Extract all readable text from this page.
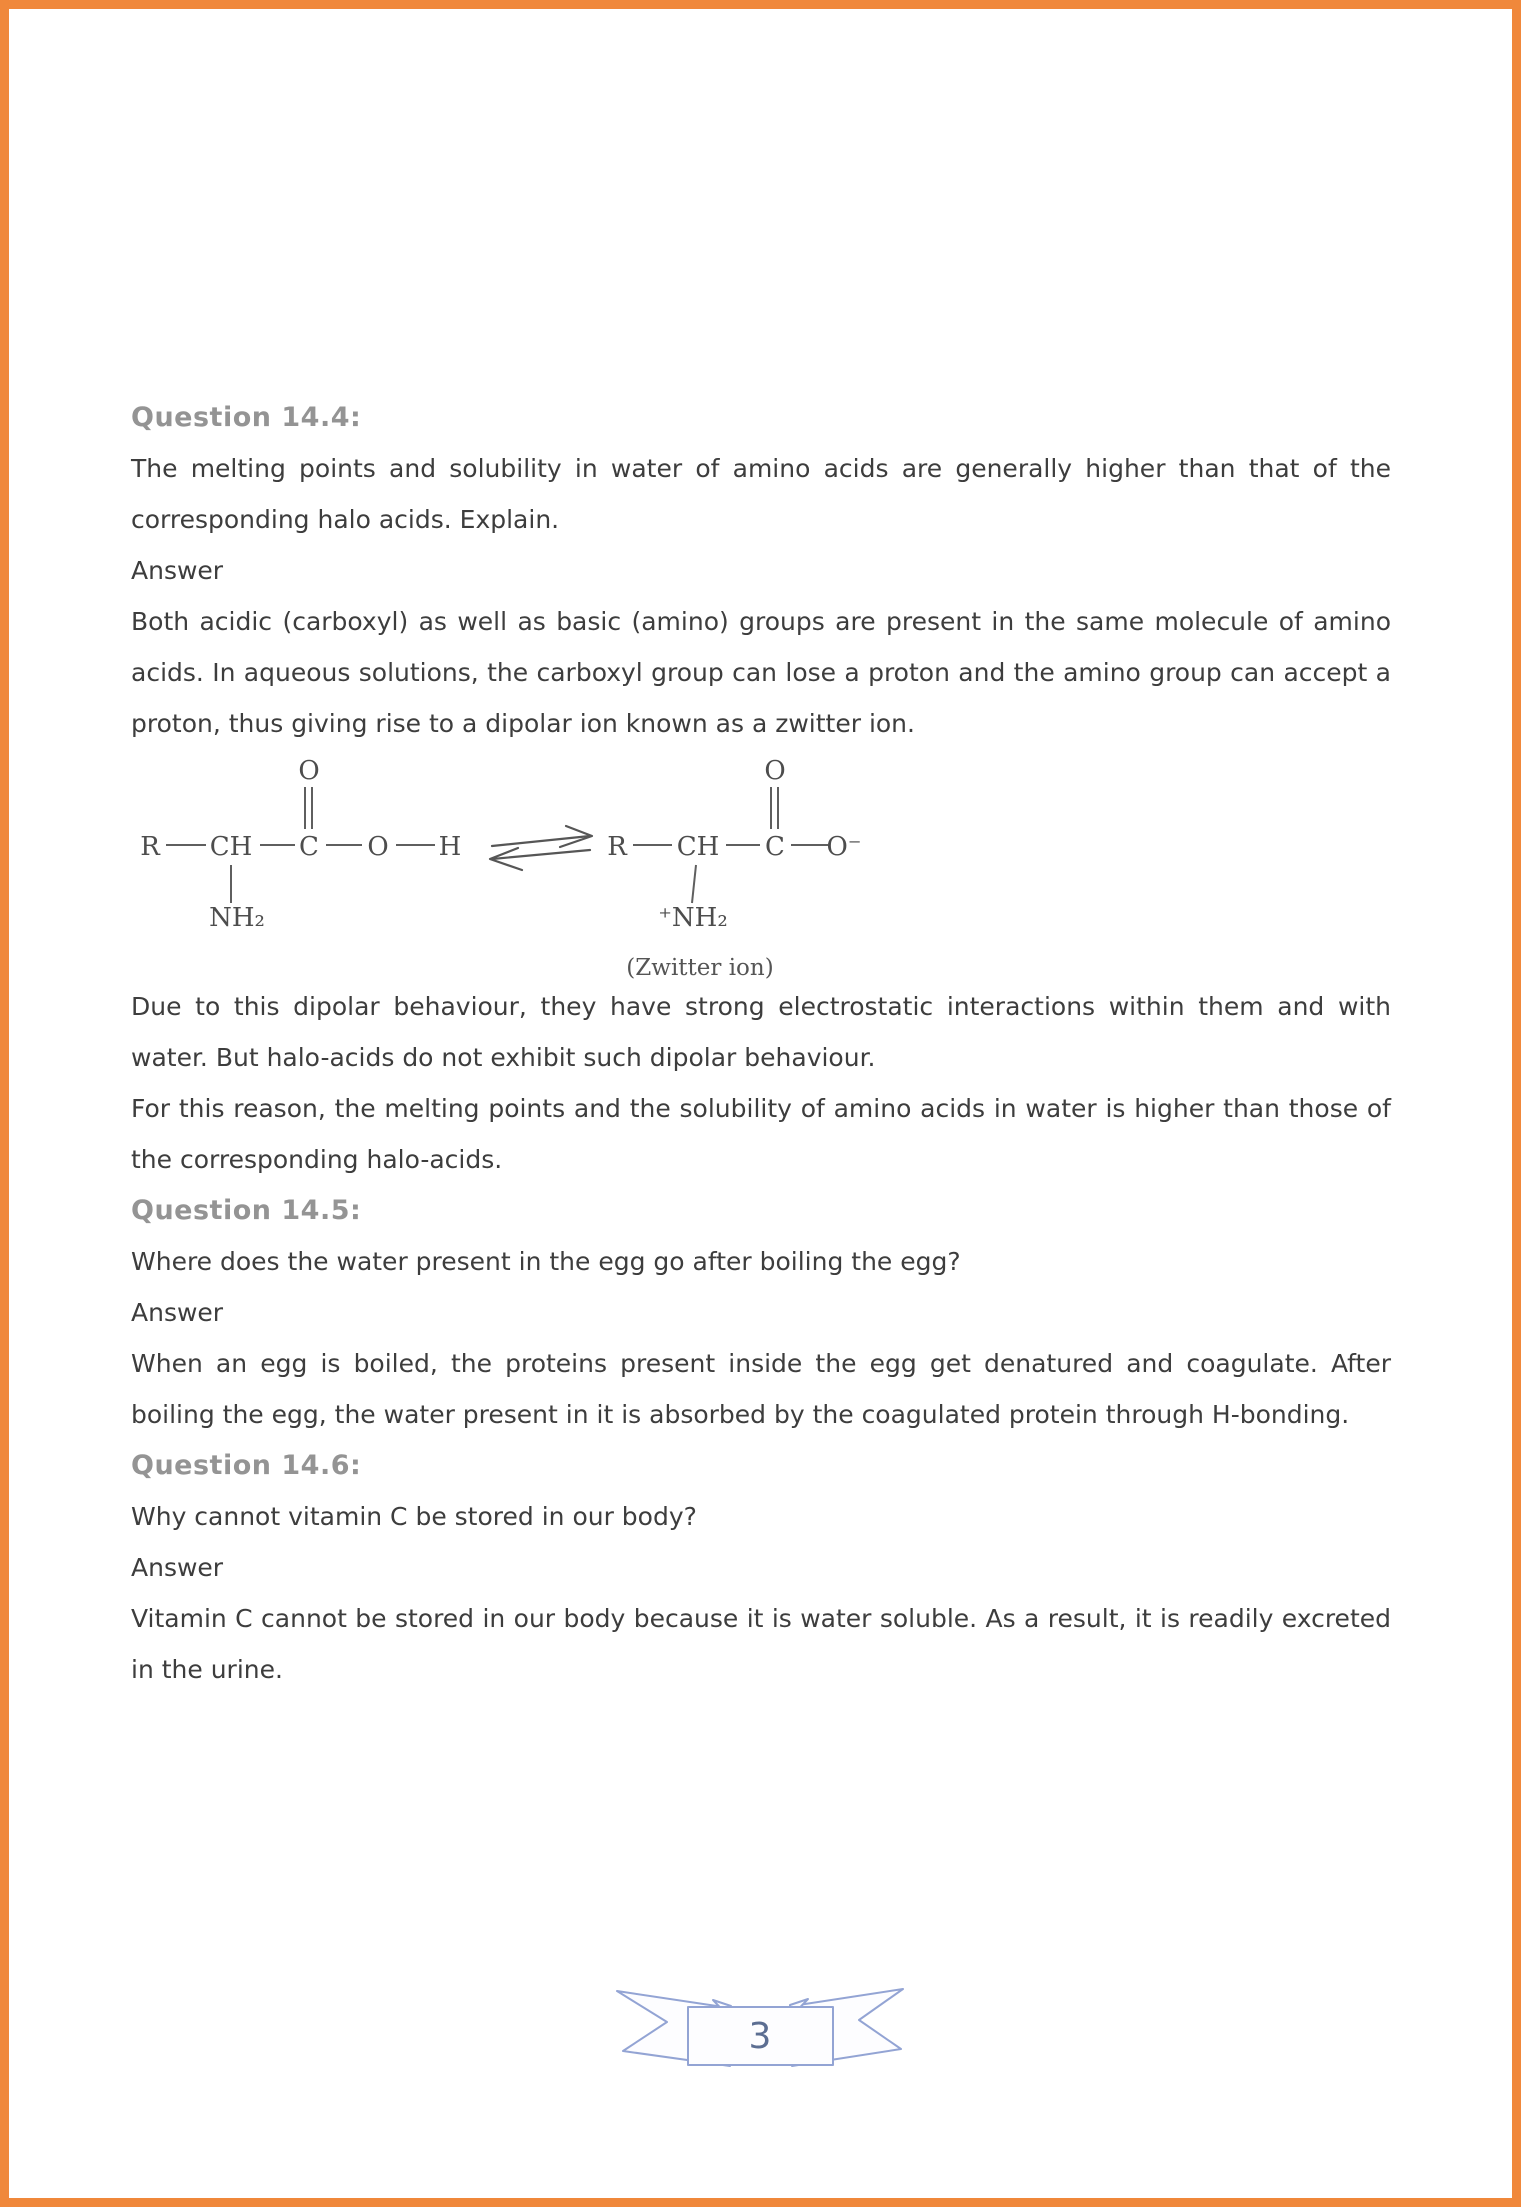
Question 14.4:

The melting points and solubility in water of amino acids are generally higher than that of the corresponding halo acids. Explain.

Answer

Both acidic (carboxyl) as well as basic (amino) groups are present in the same molecule of amino acids. In aqueous solutions, the carboxyl group can lose a proton and the amino group can accept a proton, thus giving rise to a dipolar ion known as a zwitter ion.

R CH C O H
O
NH₂
R CH C O⁻
O
⁺NH₂
(Zwitter ion)

Due to this dipolar behaviour, they have strong electrostatic interactions within them and with water. But halo-acids do not exhibit such dipolar behaviour.

For this reason, the melting points and the solubility of amino acids in water is higher than those of the corresponding halo-acids.

Question 14.5:

Where does the water present in the egg go after boiling the egg?

Answer

When an egg is boiled, the proteins present inside the egg get denatured and coagulate. After boiling the egg, the water present in it is absorbed by the coagulated protein through H-bonding.

Question 14.6:

Why cannot vitamin C be stored in our body?

Answer

Vitamin C cannot be stored in our body because it is water soluble. As a result, it is readily excreted in the urine.

3
